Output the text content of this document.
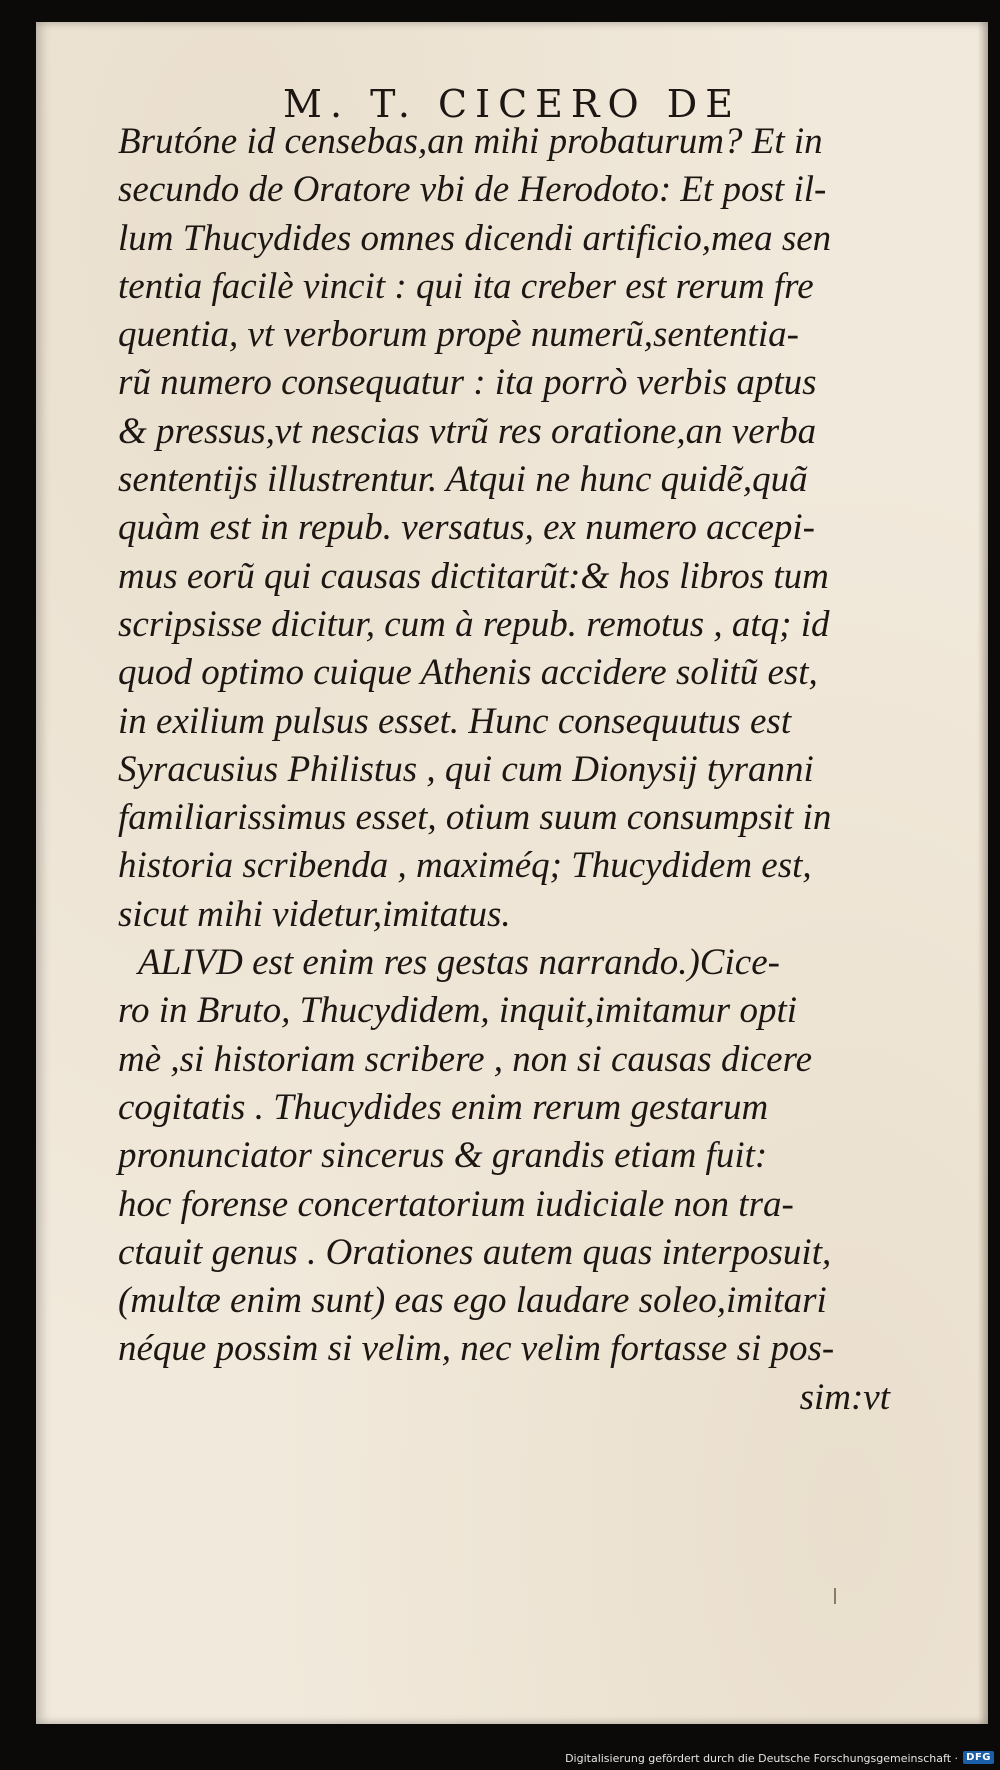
M. T. CICERO DE
Brutóne id censebas,an mihi probaturum? Et in
secundo de Oratore vbi de Herodoto: Et post il-
lum Thucydides omnes dicendi artificio,mea sen
tentia facilè vincit : qui ita creber est rerum fre
quentia, vt verborum propè numerũ,sententia-
rũ numero consequatur : ita porrò verbis aptus
& pressus,vt nescias vtrũ res oratione,an verba
sententijs illustrentur. Atqui ne hunc quidẽ,quã
quàm est in repub. versatus, ex numero accepi-
mus eorũ qui causas dictitarũt:& hos libros tum
scripsisse dicitur, cum à repub. remotus , atq; id
quod optimo cuique Athenis accidere solitũ est,
in exilium pulsus esset. Hunc consequutus est
Syracusius Philistus , qui cum Dionysij tyranni
familiarissimus esset, otium suum consumpsit in
historia scribenda , maximéq; Thucydidem est,
sicut mihi videtur,imitatus.
ALIVD est enim res gestas narrando.)Cice-
ro in Bruto, Thucydidem, inquit,imitamur opti
mè ,si historiam scribere , non si causas dicere
cogitatis . Thucydides enim rerum gestarum
pronunciator sincerus & grandis etiam fuit:
hoc forense concertatorium iudiciale non tra-
ctauit genus . Orationes autem quas interposuit,
(multæ enim sunt) eas ego laudare soleo,imitari
néque possim si velim, nec velim fortasse si pos-
sim:vt
Digitalisierung gefördert durch die Deutsche Forschungsgemeinschaft · DFG
